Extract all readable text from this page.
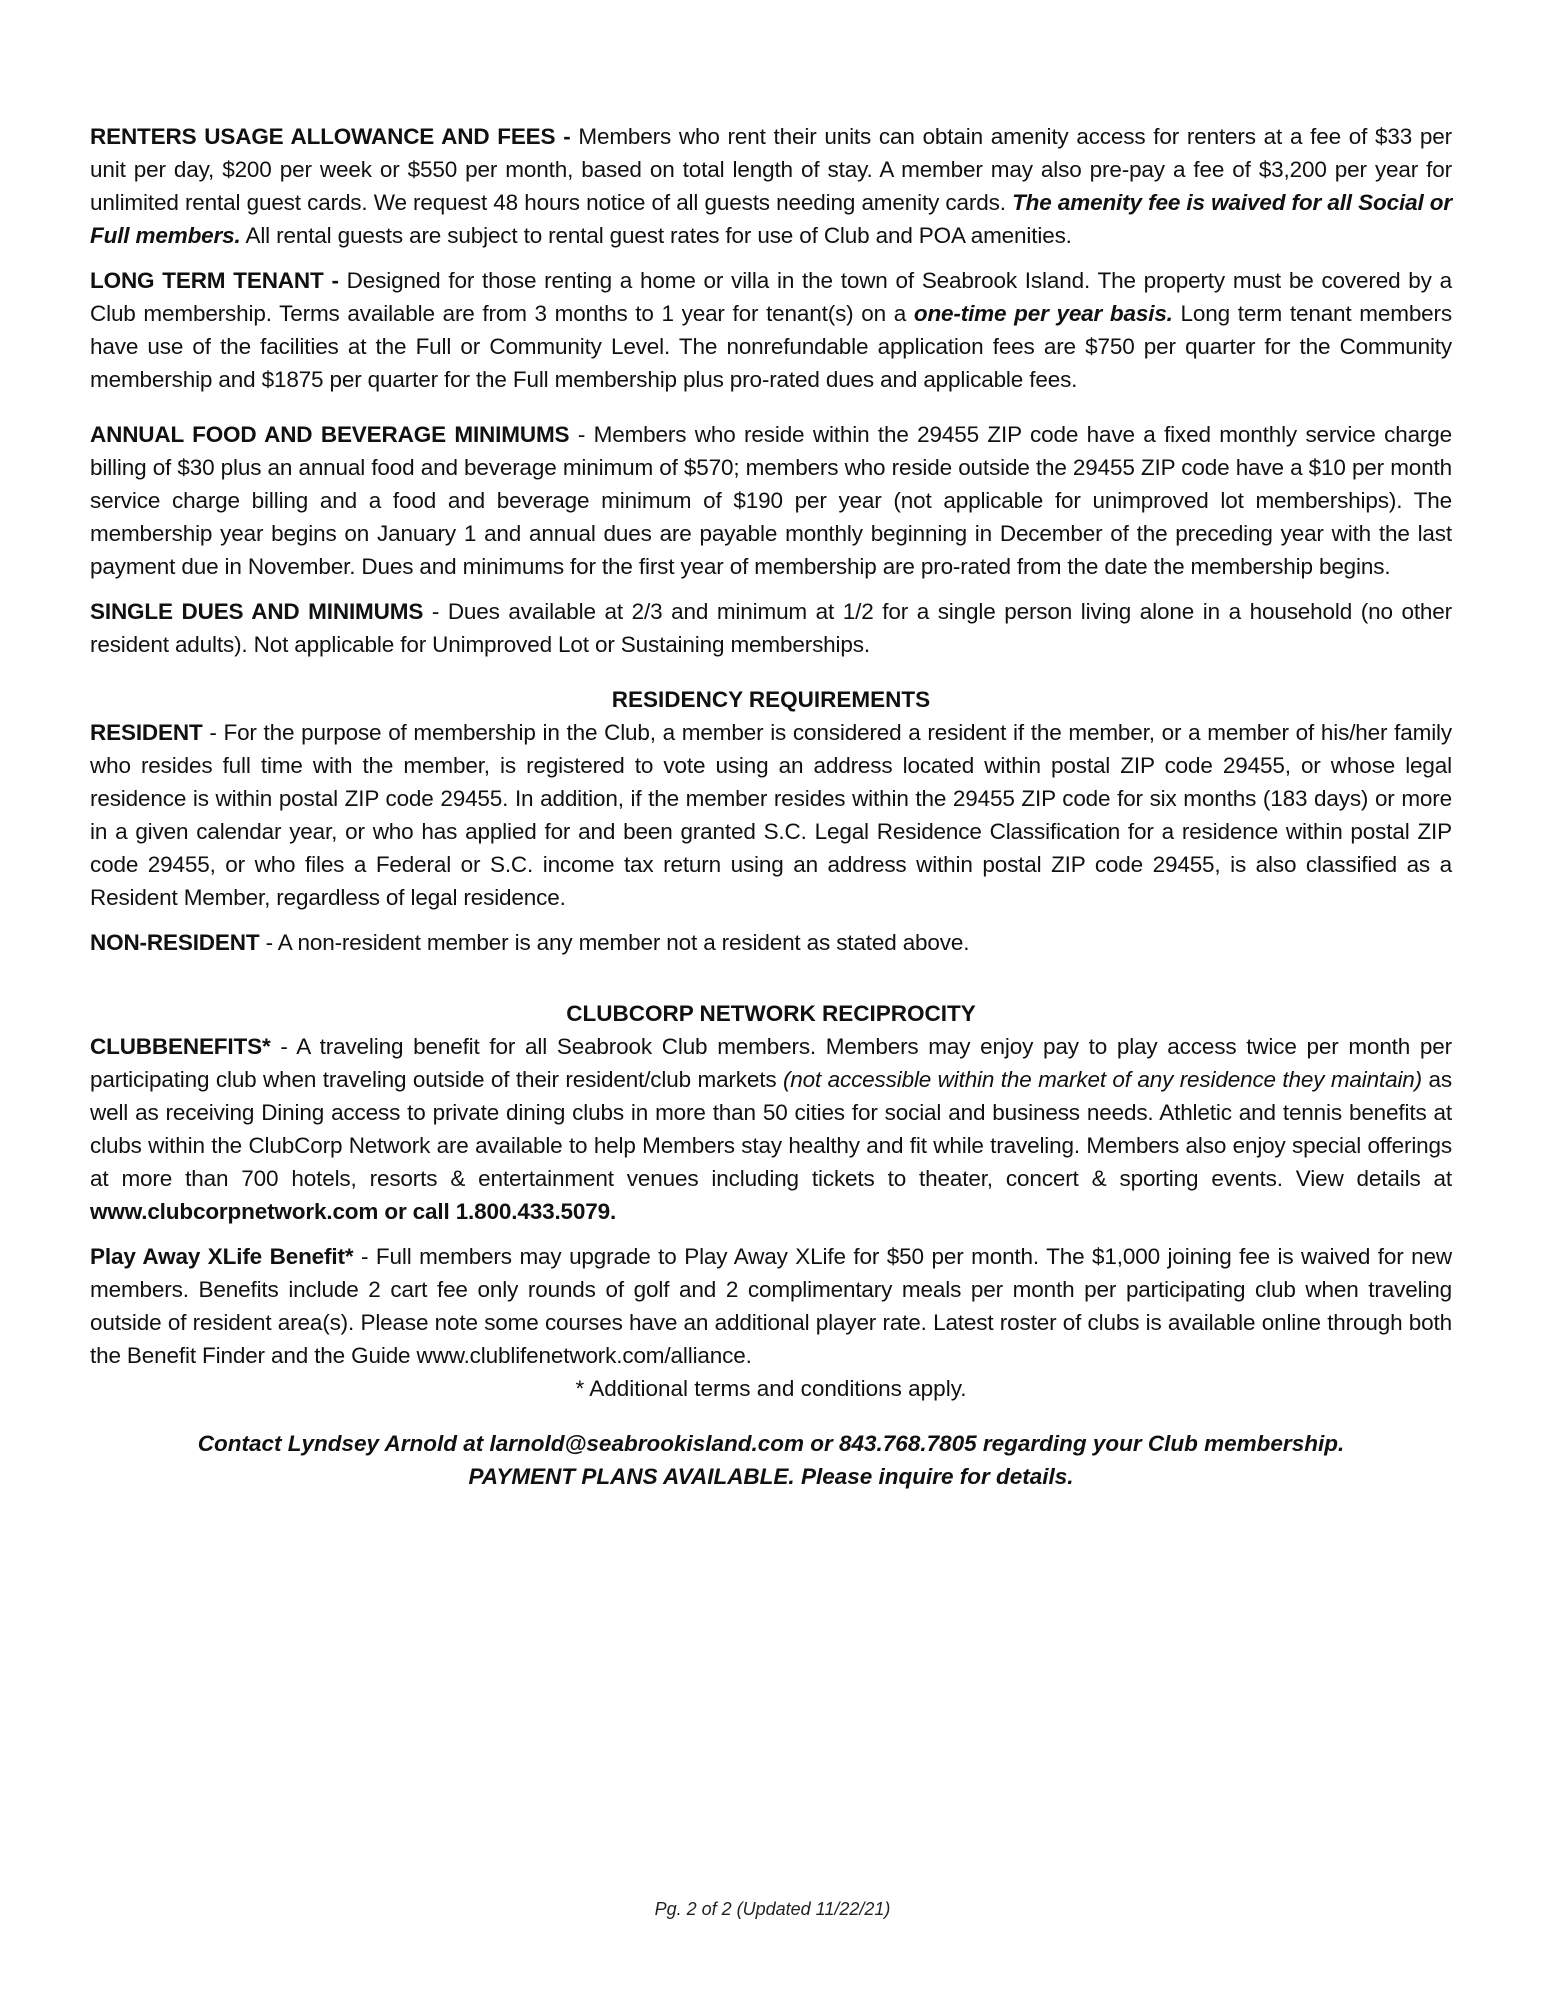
RENTERS USAGE ALLOWANCE AND FEES - Members who rent their units can obtain amenity access for renters at a fee of $33 per unit per day, $200 per week or $550 per month, based on total length of stay. A member may also pre-pay a fee of $3,200 per year for unlimited rental guest cards. We request 48 hours notice of all guests needing amenity cards. The amenity fee is waived for all Social or Full members. All rental guests are subject to rental guest rates for use of Club and POA amenities.

LONG TERM TENANT - Designed for those renting a home or villa in the town of Seabrook Island. The property must be covered by a Club membership. Terms available are from 3 months to 1 year for tenant(s) on a one-time per year basis. Long term tenant members have use of the facilities at the Full or Community Level. The nonrefundable application fees are $750 per quarter for the Community membership and $1875 per quarter for the Full membership plus pro-rated dues and applicable fees.

ANNUAL FOOD AND BEVERAGE MINIMUMS - Members who reside within the 29455 ZIP code have a fixed monthly service charge billing of $30 plus an annual food and beverage minimum of $570; members who reside outside the 29455 ZIP code have a $10 per month service charge billing and a food and beverage minimum of $190 per year (not applicable for unimproved lot memberships). The membership year begins on January 1 and annual dues are payable monthly beginning in December of the preceding year with the last payment due in November. Dues and minimums for the first year of membership are pro-rated from the date the membership begins.

SINGLE DUES AND MINIMUMS - Dues available at 2/3 and minimum at 1/2 for a single person living alone in a household (no other resident adults). Not applicable for Unimproved Lot or Sustaining memberships.

RESIDENCY REQUIREMENTS

RESIDENT - For the purpose of membership in the Club, a member is considered a resident if the member, or a member of his/her family who resides full time with the member, is registered to vote using an address located within postal ZIP code 29455, or whose legal residence is within postal ZIP code 29455. In addition, if the member resides within the 29455 ZIP code for six months (183 days) or more in a given calendar year, or who has applied for and been granted S.C. Legal Residence Classification for a residence within postal ZIP code 29455, or who files a Federal or S.C. income tax return using an address within postal ZIP code 29455, is also classified as a Resident Member, regardless of legal residence.

NON-RESIDENT - A non-resident member is any member not a resident as stated above.

CLUBCORP NETWORK RECIPROCITY

CLUBBENEFITS* - A traveling benefit for all Seabrook Club members. Members may enjoy pay to play access twice per month per participating club when traveling outside of their resident/club markets (not accessible within the market of any residence they maintain) as well as receiving Dining access to private dining clubs in more than 50 cities for social and business needs. Athletic and tennis benefits at clubs within the ClubCorp Network are available to help Members stay healthy and fit while traveling. Members also enjoy special offerings at more than 700 hotels, resorts & entertainment venues including tickets to theater, concert & sporting events. View details at www.clubcorpnetwork.com or call 1.800.433.5079.

Play Away XLife Benefit* - Full members may upgrade to Play Away XLife for $50 per month. The $1,000 joining fee is waived for new members. Benefits include 2 cart fee only rounds of golf and 2 complimentary meals per month per participating club when traveling outside of resident area(s). Please note some courses have an additional player rate. Latest roster of clubs is available online through both the Benefit Finder and the Guide www.clublifenetwork.com/alliance.

* Additional terms and conditions apply.

Contact Lyndsey Arnold at larnold@seabrookisland.com or 843.768.7805 regarding your Club membership.

PAYMENT PLANS AVAILABLE. Please inquire for details.

Pg. 2 of 2 (Updated 11/22/21)
